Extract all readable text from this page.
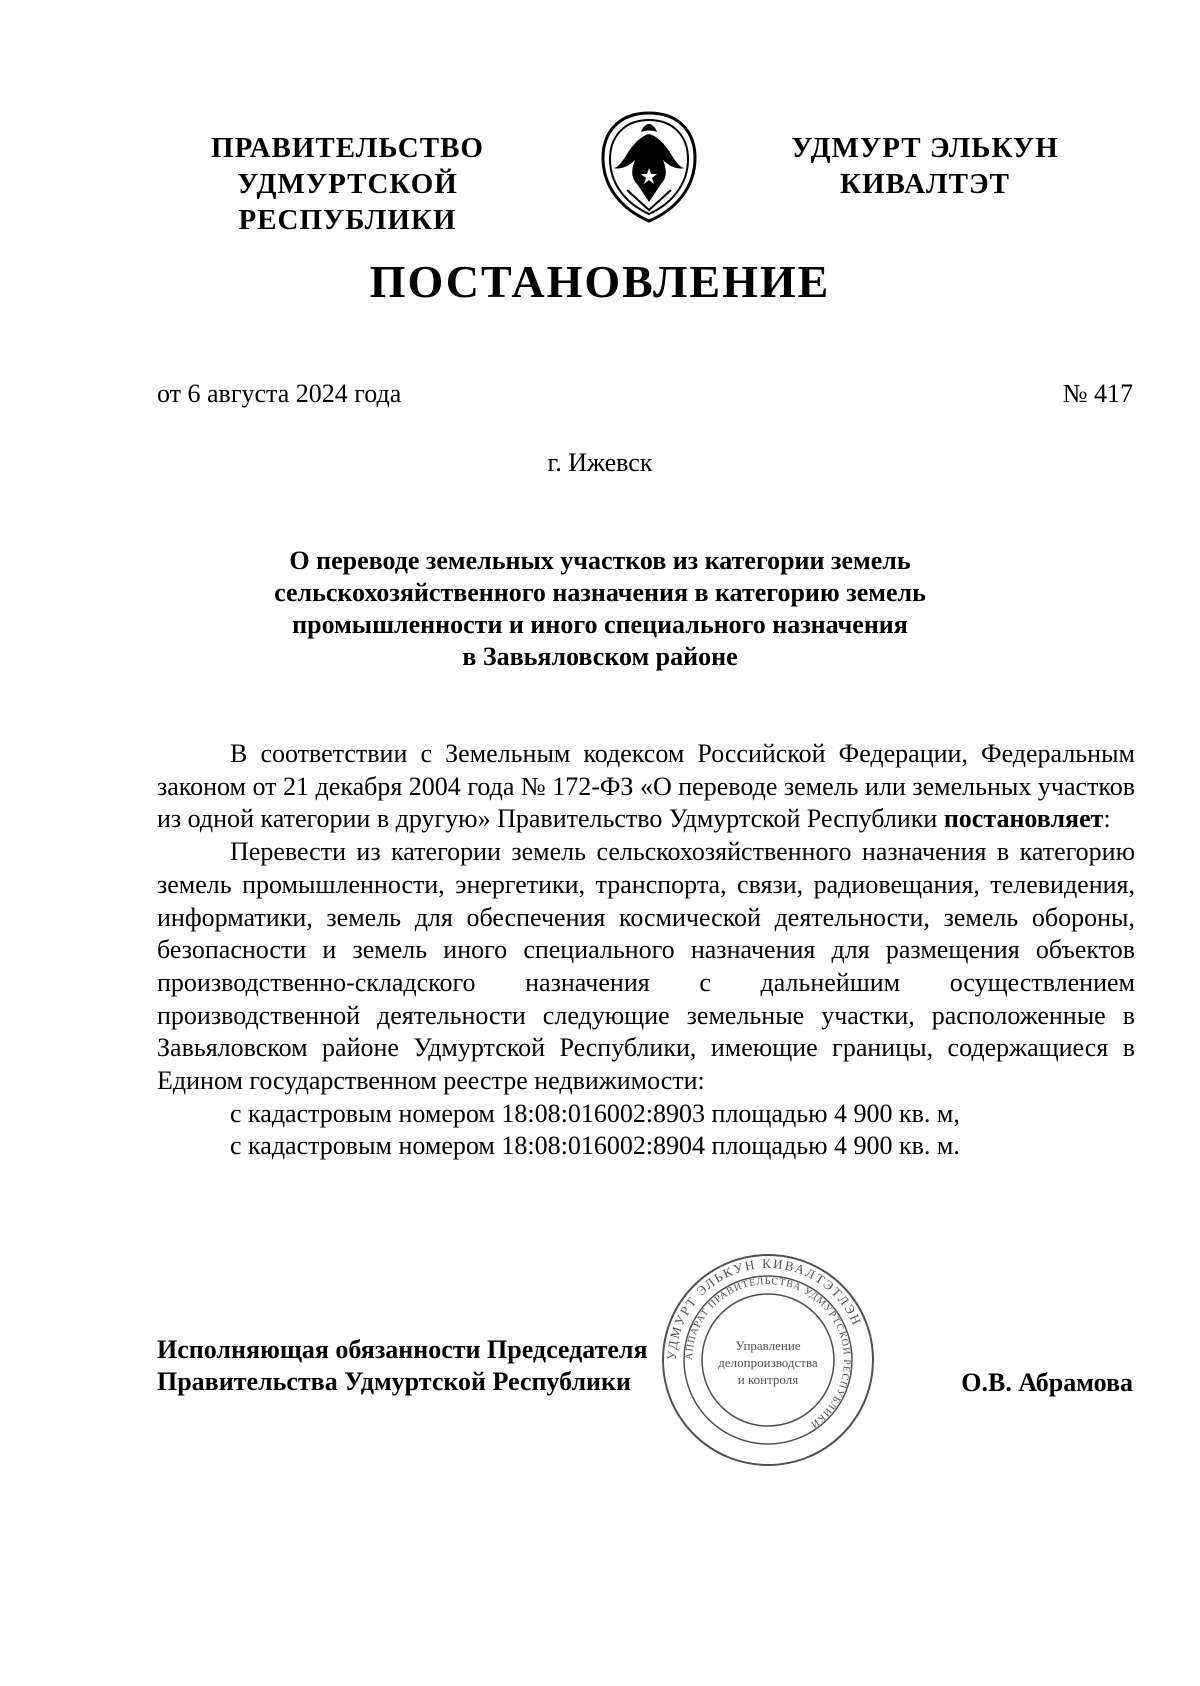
ПРАВИТЕЛЬСТВО
УДМУРТСКОЙ РЕСПУБЛИКИ
УДМУРТ ЭЛЬКУН
КИВАЛТЭТ
ПОСТАНОВЛЕНИЕ
от 6 августа 2024 года	№ 417
г. Ижевск
О переводе земельных участков из категории земель
сельскохозяйственного назначения в категорию земель
промышленности и иного специального назначения
в Завьяловском районе

В соответствии с Земельным кодексом Российской Федерации, Федеральным законом от 21 декабря 2004 года № 172-ФЗ «О переводе земель или земельных участков из одной категории в другую» Правительство Удмуртской Республики постановляет:

Перевести из категории земель сельскохозяйственного назначения в категорию земель промышленности, энергетики, транспорта, связи, радиовещания, телевидения, информатики, земель для обеспечения космической деятельности, земель обороны, безопасности и земель иного специального назначения для размещения объектов производственно-складского назначения с дальнейшим осуществлением производственной деятельности следующие земельные участки, расположенные в Завьяловском районе Удмуртской Республики, имеющие границы, содержащиеся в Едином государственном реестре недвижимости:

с кадастровым номером 18:08:016002:8903 площадью 4 900 кв. м,

с кадастровым номером 18:08:016002:8904 площадью 4 900 кв. м.

Исполняющая обязанности Председателя
Правительства Удмуртской Республики	О.В. Абрамова
УДМУРТ ЭЛЬКУН КИВАЛТЭТЛЭН
АППАРАТ ПРАВИТЕЛЬСТВА УДМУРТСКОЙ РЕСПУБЛИКИ
Управление
делопроизводства
и контроля
